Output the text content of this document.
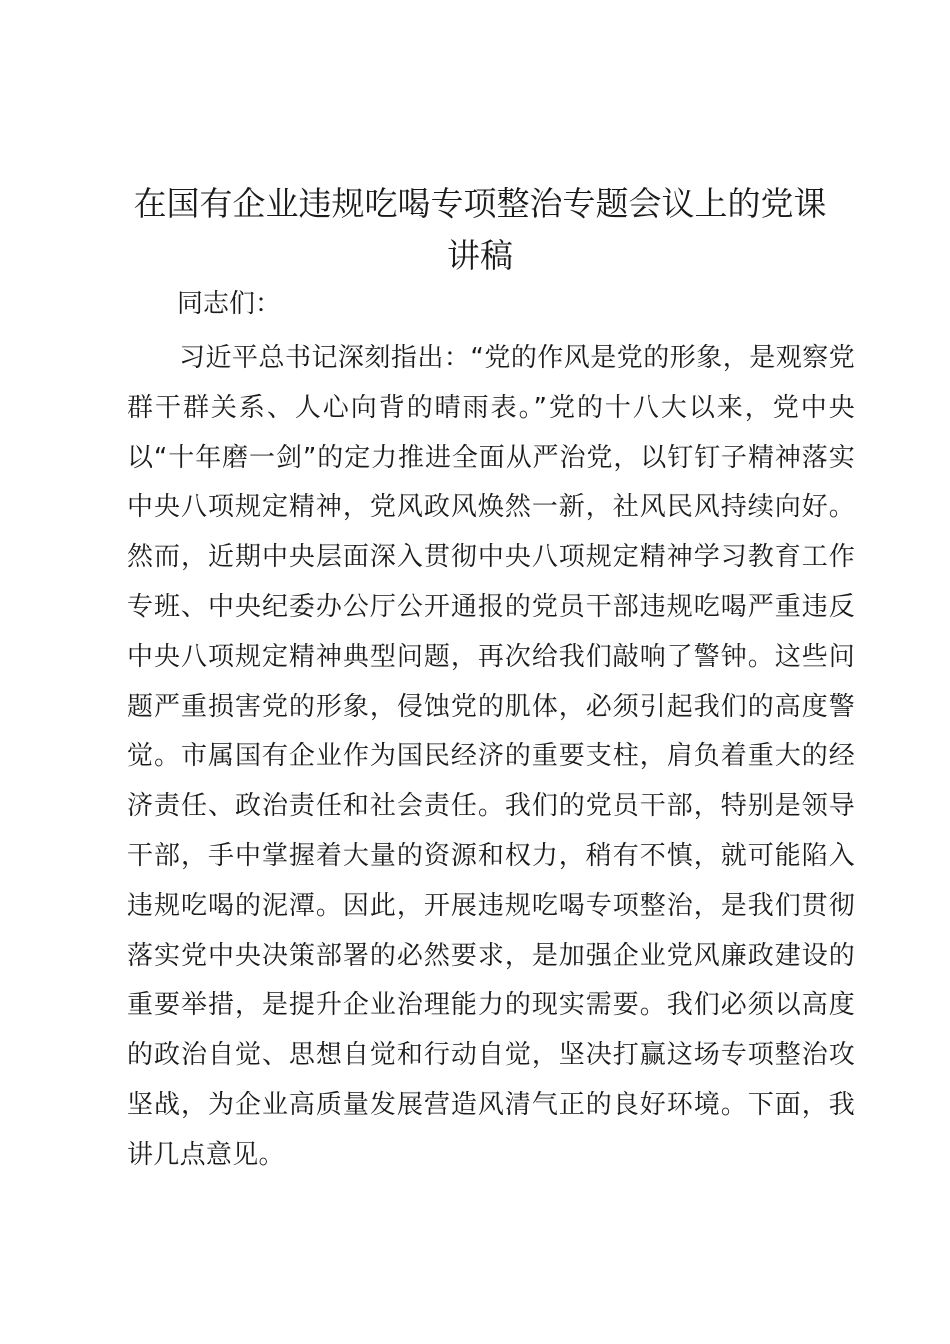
在国有企业违规吃喝专项整治专题会议上的党课讲稿

同志们：

习近平总书记深刻指出：“党的作风是党的形象，是观察党群干群关系、人心向背的晴雨表。”党的十八大以来，党中央以“十年磨一剑”的定力推进全面从严治党，以钉钉子精神落实中央八项规定精神，党风政风焕然一新，社风民风持续向好。然而，近期中央层面深入贯彻中央八项规定精神学习教育工作专班、中央纪委办公厅公开通报的党员干部违规吃喝严重违反中央八项规定精神典型问题，再次给我们敲响了警钟。这些问题严重损害党的形象，侵蚀党的肌体，必须引起我们的高度警觉。市属国有企业作为国民经济的重要支柱，肩负着重大的经济责任、政治责任和社会责任。我们的党员干部，特别是领导干部，手中掌握着大量的资源和权力，稍有不慎，就可能陷入违规吃喝的泥潭。因此，开展违规吃喝专项整治，是我们贯彻落实党中央决策部署的必然要求，是加强企业党风廉政建设的重要举措，是提升企业治理能力的现实需要。我们必须以高度的政治自觉、思想自觉和行动自觉，坚决打赢这场专项整治攻坚战，为企业高质量发展营造风清气正的良好环境。下面，我讲几点意见。
